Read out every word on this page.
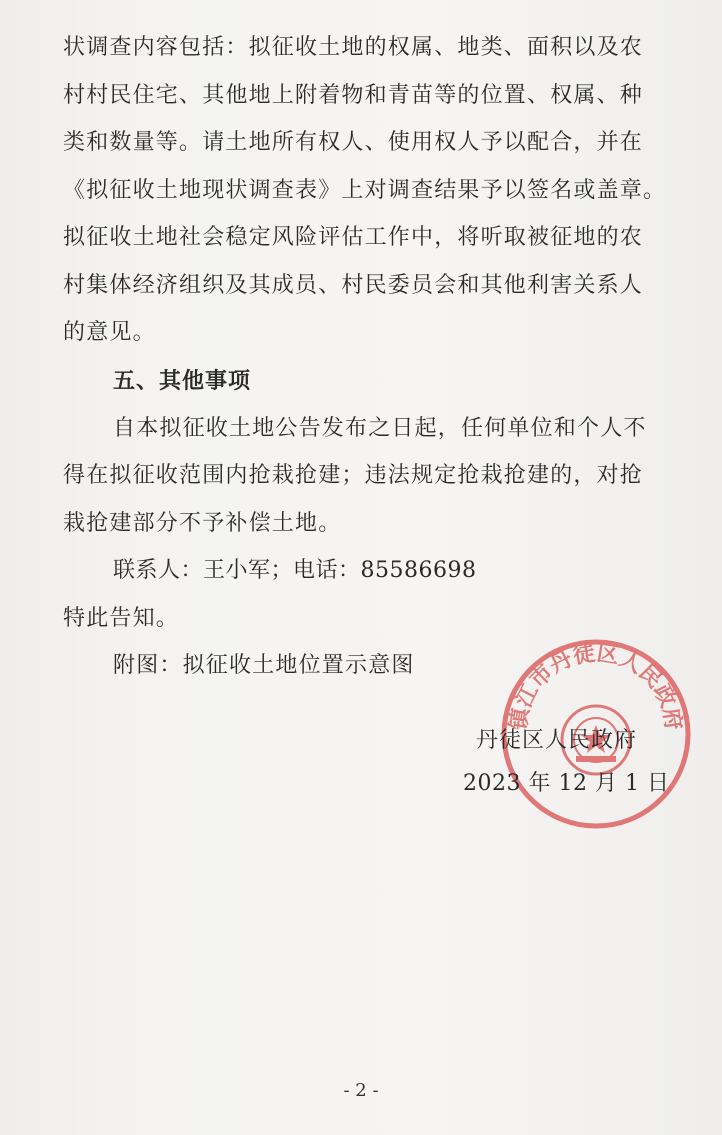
状调查内容包括：拟征收土地的权属、地类、面积以及农
村村民住宅、其他地上附着物和青苗等的位置、权属、种
类和数量等。请土地所有权人、使用权人予以配合，并在
《拟征收土地现状调查表》上对调查结果予以签名或盖章。
拟征收土地社会稳定风险评估工作中，将听取被征地的农
村集体经济组织及其成员、村民委员会和其他利害关系人
的意见。
五、其他事项
自本拟征收土地公告发布之日起，任何单位和个人不
得在拟征收范围内抢栽抢建；违法规定抢栽抢建的，对抢
栽抢建部分不予补偿土地。
联系人：王小军；电话：85586698
特此告知。
附图：拟征收土地位置示意图
镇江市丹徒区人民政府
丹徒区人民政府
2023 年 12 月 1 日
- 2 -
